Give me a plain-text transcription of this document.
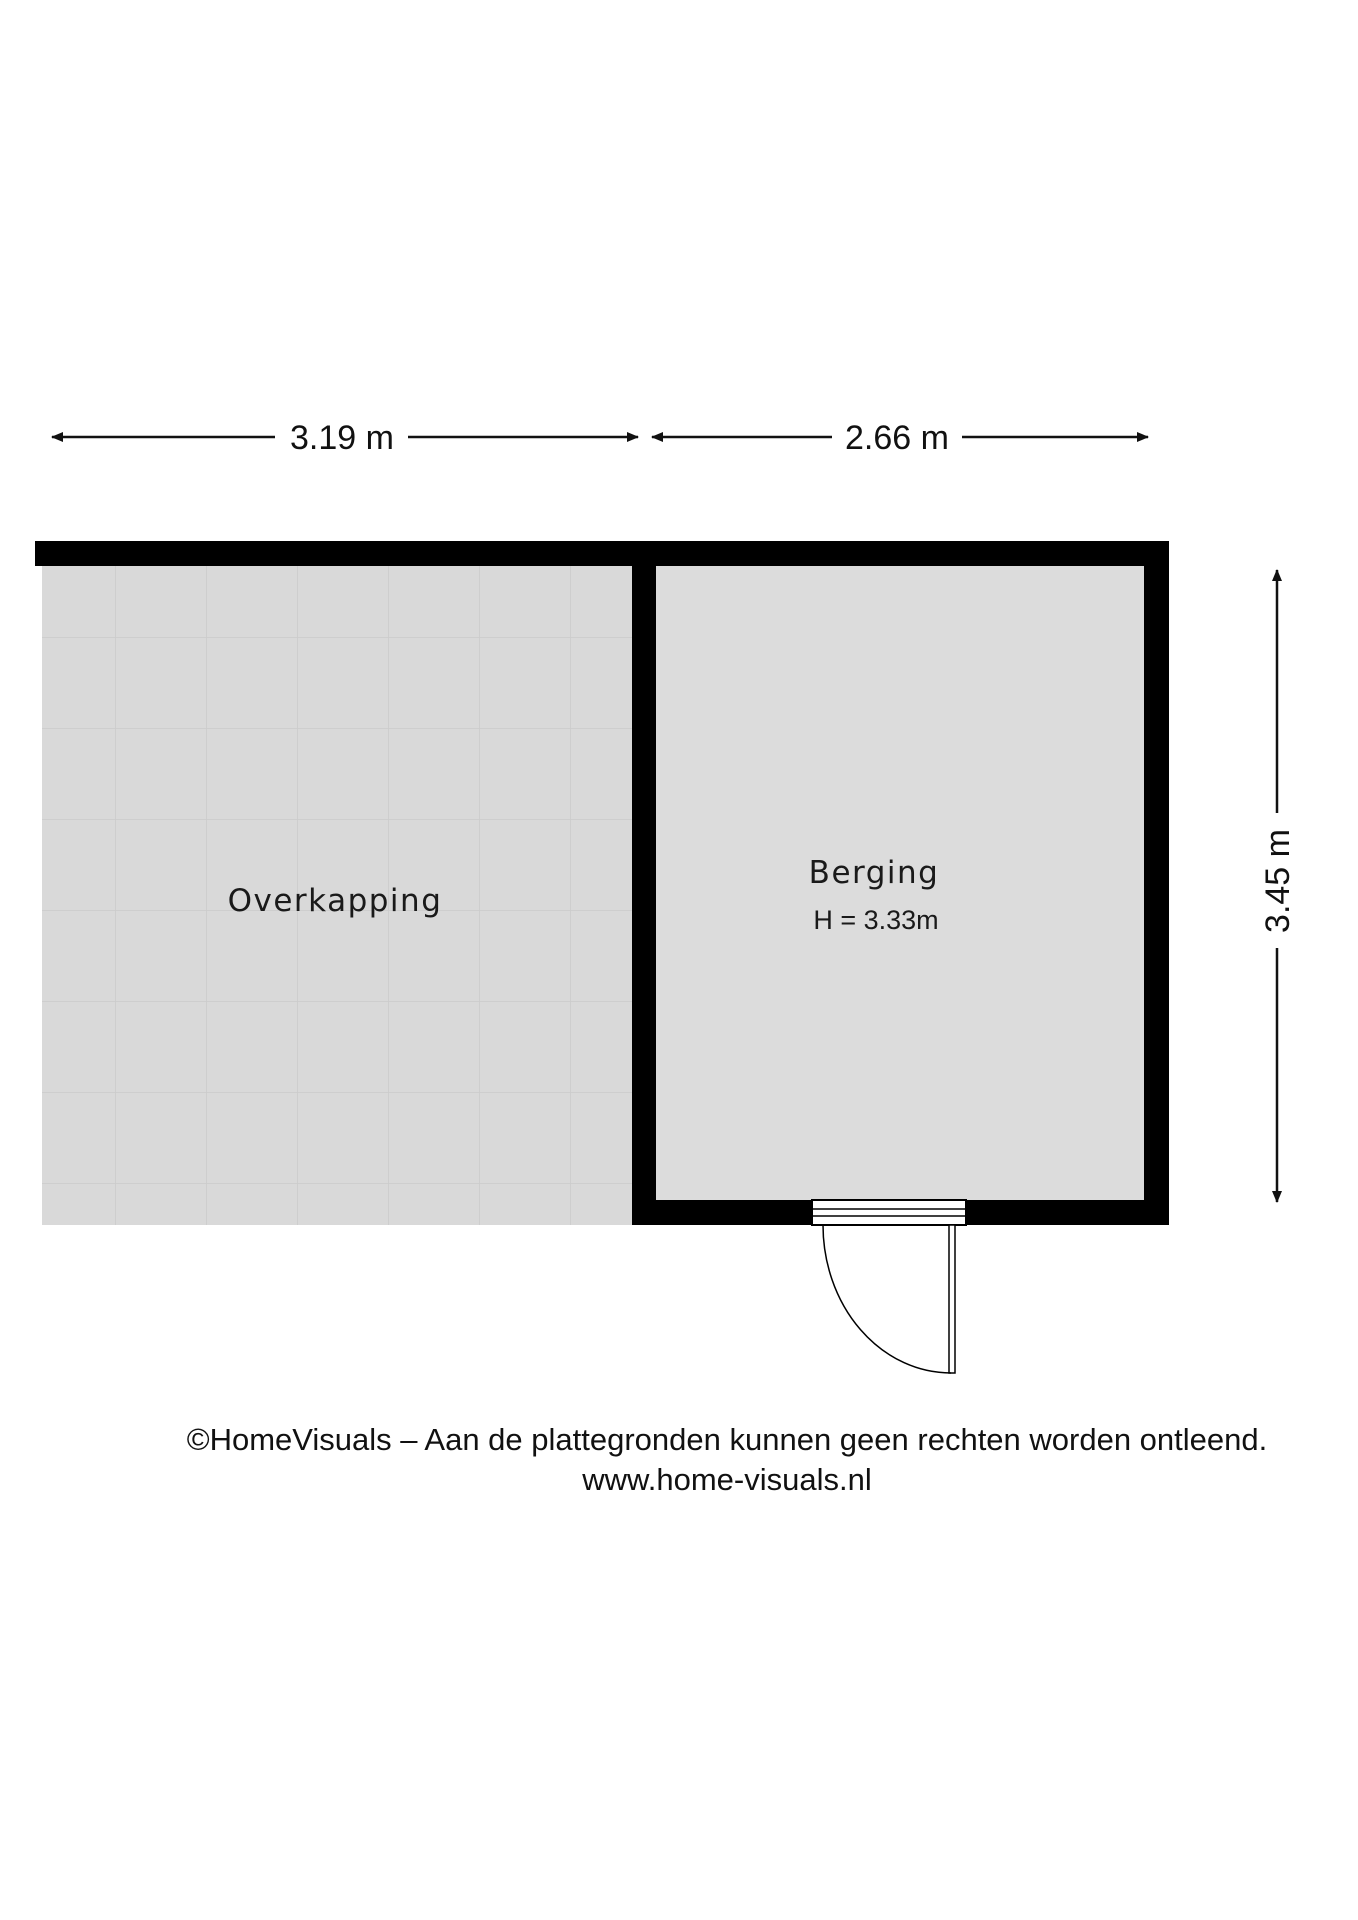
3.19 m	2.66 m
3.45 m
Overkapping
Berging
H = 3.33m
©HomeVisuals – Aan de plattegronden kunnen geen rechten worden ontleend.
www.home-visuals.nl
